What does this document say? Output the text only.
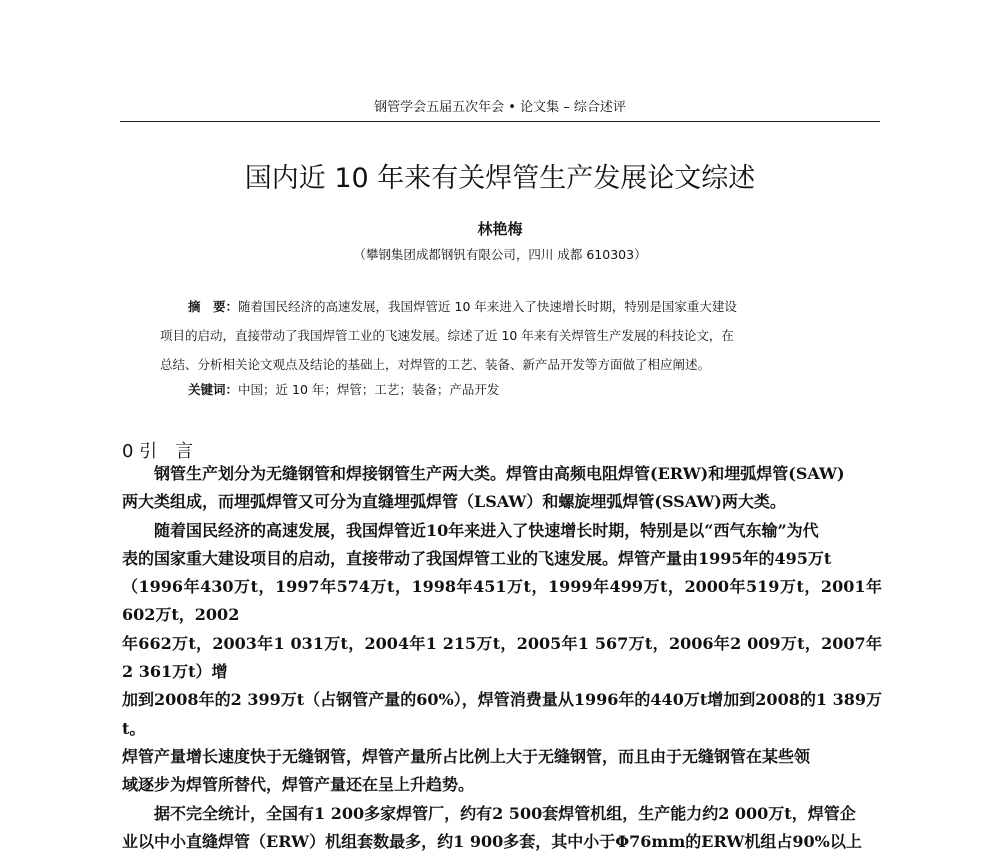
钢管学会五届五次年会 • 论文集 – 综合述评
国内近 10 年来有关焊管生产发展论文综述
林艳梅
（攀钢集团成都钢钒有限公司，四川 成都 610303）

摘　要：随着国民经济的高速发展，我国焊管近 10 年来进入了快速增长时期，特别是国家重大建设

项目的启动，直接带动了我国焊管工业的飞速发展。综述了近 10 年来有关焊管生产发展的科技论文，在

总结、分析相关论文观点及结论的基础上，对焊管的工艺、装备、新产品开发等方面做了相应阐述。

关键词：中国；近 10 年；焊管；工艺；装备；产品开发
0 引　言

钢管生产划分为无缝钢管和焊接钢管生产两大类。焊管由高频电阻焊管(ERW)和埋弧焊管(SAW)

两大类组成，而埋弧焊管又可分为直缝埋弧焊管（LSAW）和螺旋埋弧焊管(SSAW)两大类。

随着国民经济的高速发展，我国焊管近10年来进入了快速增长时期，特别是以“西气东输”为代

表的国家重大建设项目的启动，直接带动了我国焊管工业的飞速发展。焊管产量由1995年的495万t

（1996年430万t，1997年574万t，1998年451万t，1999年499万t，2000年519万t，2001年602万t，2002

年662万t，2003年1 031万t，2004年1 215万t，2005年1 567万t，2006年2 009万t，2007年2 361万t）增

加到2008年的2 399万t（占钢管产量的60%），焊管消费量从1996年的440万t增加到2008的1 389万t。

焊管产量增长速度快于无缝钢管，焊管产量所占比例上大于无缝钢管，而且由于无缝钢管在某些领

域逐步为焊管所替代，焊管产量还在呈上升趋势。

据不完全统计，全国有1 200多家焊管厂，约有2 500套焊管机组，生产能力约2 000万t，焊管企

业以中小直缝焊管（ERW）机组套数最多，约1 900多套，其中小于Φ76mm的ERW机组占90%以上
